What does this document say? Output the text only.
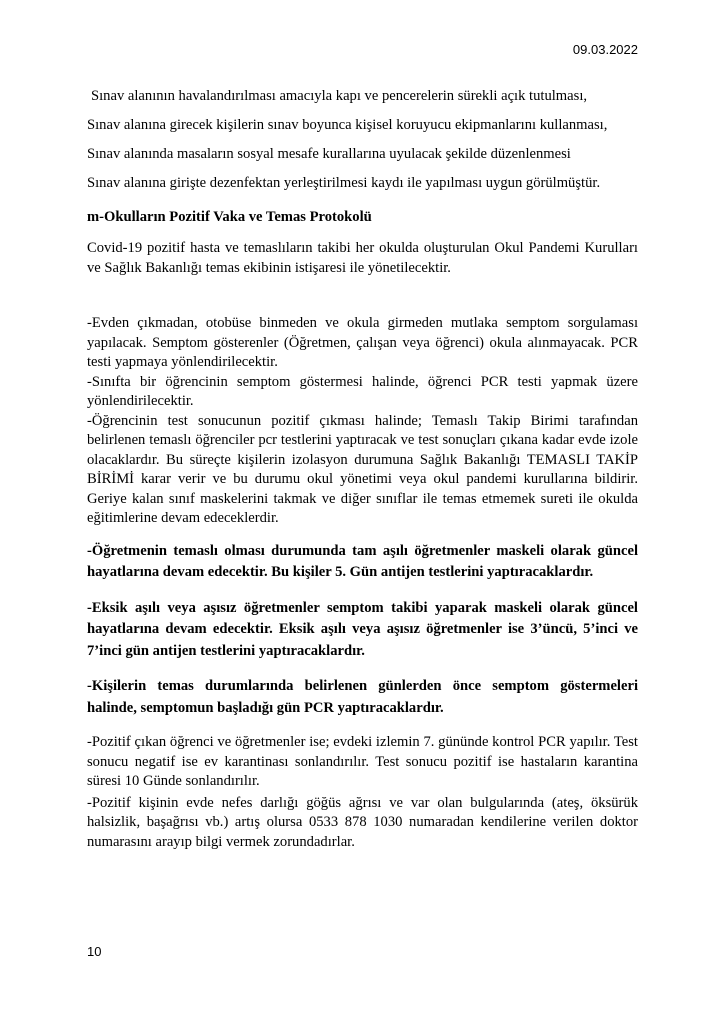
09.03.2022

Sınav alanının havalandırılması amacıyla kapı ve pencerelerin sürekli açık tutulması,

Sınav alanına girecek kişilerin sınav boyunca kişisel koruyucu ekipmanlarını kullanması,

Sınav alanında masaların sosyal mesafe kurallarına uyulacak şekilde düzenlenmesi

Sınav alanına girişte dezenfektan yerleştirilmesi kaydı ile yapılması uygun görülmüştür.

m-Okulların Pozitif Vaka ve Temas Protokolü

Covid-19 pozitif hasta ve temaslıların takibi her okulda oluşturulan Okul Pandemi Kurulları ve Sağlık Bakanlığı temas ekibinin istişaresi ile yönetilecektir.

-Evden çıkmadan, otobüse binmeden ve okula girmeden mutlaka semptom sorgulaması yapılacak. Semptom gösterenler (Öğretmen, çalışan veya öğrenci) okula alınmayacak. PCR testi yapmaya yönlendirilecektir.

-Sınıfta bir öğrencinin semptom göstermesi halinde, öğrenci PCR testi yapmak üzere yönlendirilecektir.

-Öğrencinin test sonucunun pozitif çıkması halinde; Temaslı Takip Birimi tarafından belirlenen temaslı öğrenciler pcr testlerini yaptıracak ve test sonuçları çıkana kadar evde izole olacaklardır. Bu süreçte kişilerin izolasyon durumuna Sağlık Bakanlığı TEMASLI TAKİP BİRİMİ karar verir ve bu durumu okul yönetimi veya okul pandemi kurullarına bildirir. Geriye kalan sınıf maskelerini takmak ve diğer sınıflar ile temas etmemek sureti ile okulda eğitimlerine devam edeceklerdir.

-Öğretmenin temaslı olması durumunda tam aşılı öğretmenler maskeli olarak güncel hayatlarına devam edecektir. Bu kişiler 5. Gün antijen testlerini yaptıracaklardır.

-Eksik aşılı veya aşısız öğretmenler semptom takibi yaparak maskeli olarak güncel hayatlarına devam edecektir. Eksik aşılı veya aşısız öğretmenler ise 3’üncü, 5’inci ve 7’inci gün antijen testlerini yaptıracaklardır.

-Kişilerin temas durumlarında belirlenen günlerden önce semptom göstermeleri halinde, semptomun başladığı gün PCR yaptıracaklardır.

-Pozitif çıkan öğrenci ve öğretmenler ise; evdeki izlemin 7. gününde kontrol PCR yapılır. Test sonucu negatif ise ev karantinası sonlandırılır. Test sonucu pozitif ise hastaların karantina süresi 10 Günde sonlandırılır.

-Pozitif kişinin evde nefes darlığı göğüs ağrısı ve var olan bulgularında (ateş, öksürük halsizlik, başağrısı vb.) artış olursa 0533 878 1030 numaradan kendilerine verilen doktor numarasını arayıp bilgi vermek zorundadırlar.

10
